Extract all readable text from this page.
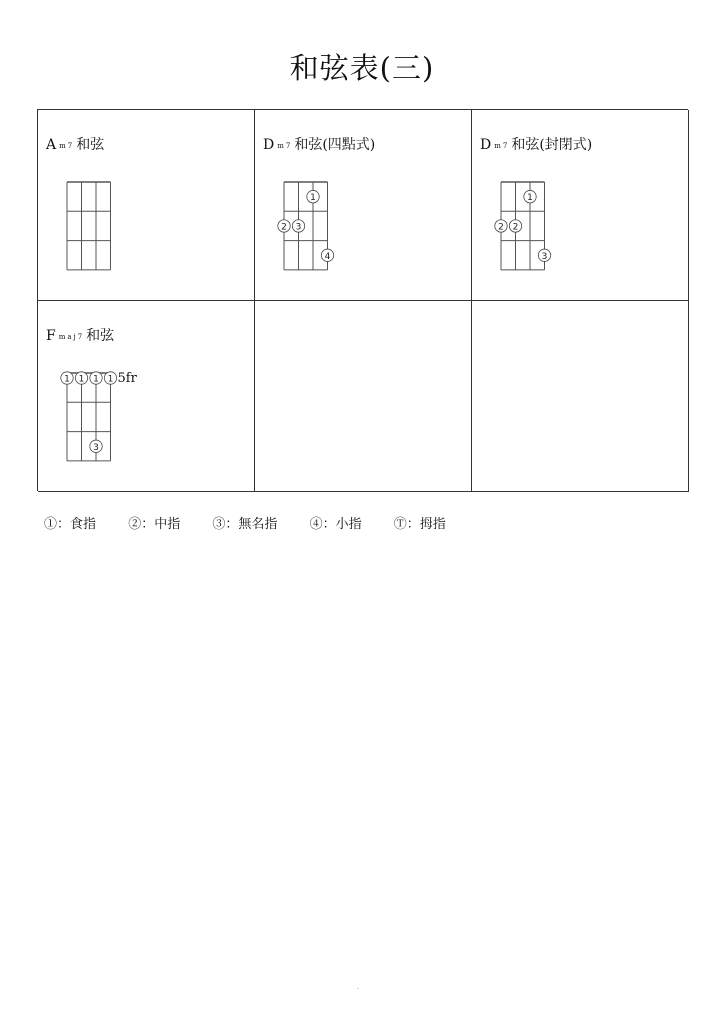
和弦表(三)
Am7 和弦	Dm7 和弦(四點式)
1
2 3
4
Dm7 和弦(封閉式)
1
2 2
3
Fmaj7 和弦
1 1 1 1
3
5fr
①：食指 ②：中指 ③：無名指 ④：小指 Ⓣ：拇指
.
